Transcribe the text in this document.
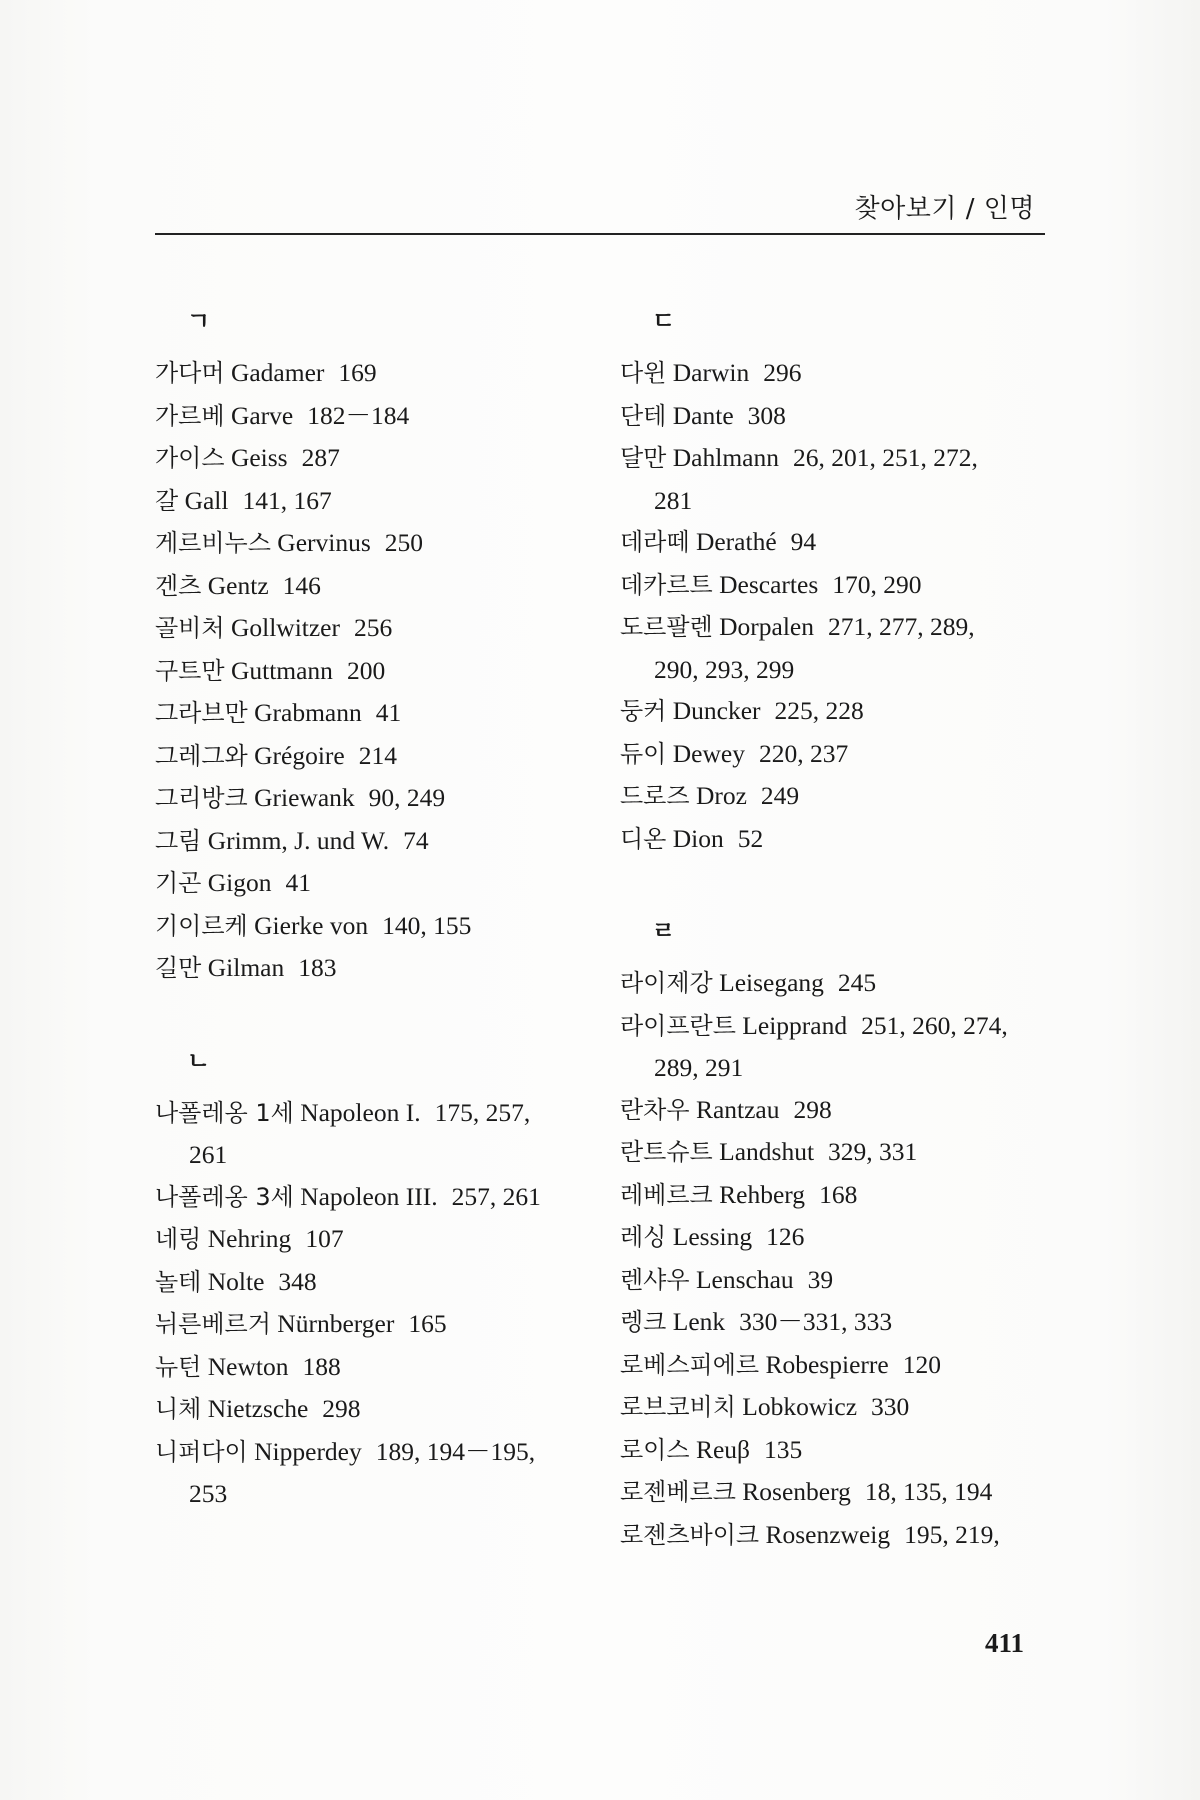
찾아보기 / 인명
ㄱ
가다머 Gadamer 169
가르베 Garve 182－184
가이스 Geiss 287
갈 Gall 141, 167
게르비누스 Gervinus 250
겐츠 Gentz 146
골비처 Gollwitzer 256
구트만 Guttmann 200
그라브만 Grabmann 41
그레그와 Grégoire 214
그리방크 Griewank 90, 249
그림 Grimm, J. und W. 74
기곤 Gigon 41
기이르케 Gierke von 140, 155
길만 Gilman 183
ㄴ
나폴레옹 1세 Napoleon I. 175, 257,
261
나폴레옹 3세 Napoleon III. 257, 261
네링 Nehring 107
놀테 Nolte 348
뉘른베르거 Nürnberger 165
뉴턴 Newton 188
니체 Nietzsche 298
니퍼다이 Nipperdey 189, 194－195,
253
ㄷ
다윈 Darwin 296
단테 Dante 308
달만 Dahlmann 26, 201, 251, 272,
281
데라떼 Derathé 94
데카르트 Descartes 170, 290
도르팔렌 Dorpalen 271, 277, 289,
290, 293, 299
둥커 Duncker 225, 228
듀이 Dewey 220, 237
드로즈 Droz 249
디온 Dion 52
ㄹ
라이제강 Leisegang 245
라이프란트 Leipprand 251, 260, 274,
289, 291
란차우 Rantzau 298
란트슈트 Landshut 329, 331
레베르크 Rehberg 168
레싱 Lessing 126
렌샤우 Lenschau 39
렝크 Lenk 330－331, 333
로베스피에르 Robespierre 120
로브코비치 Lobkowicz 330
로이스 Reuβ 135
로젠베르크 Rosenberg 18, 135, 194
로젠츠바이크 Rosenzweig 195, 219,
411
